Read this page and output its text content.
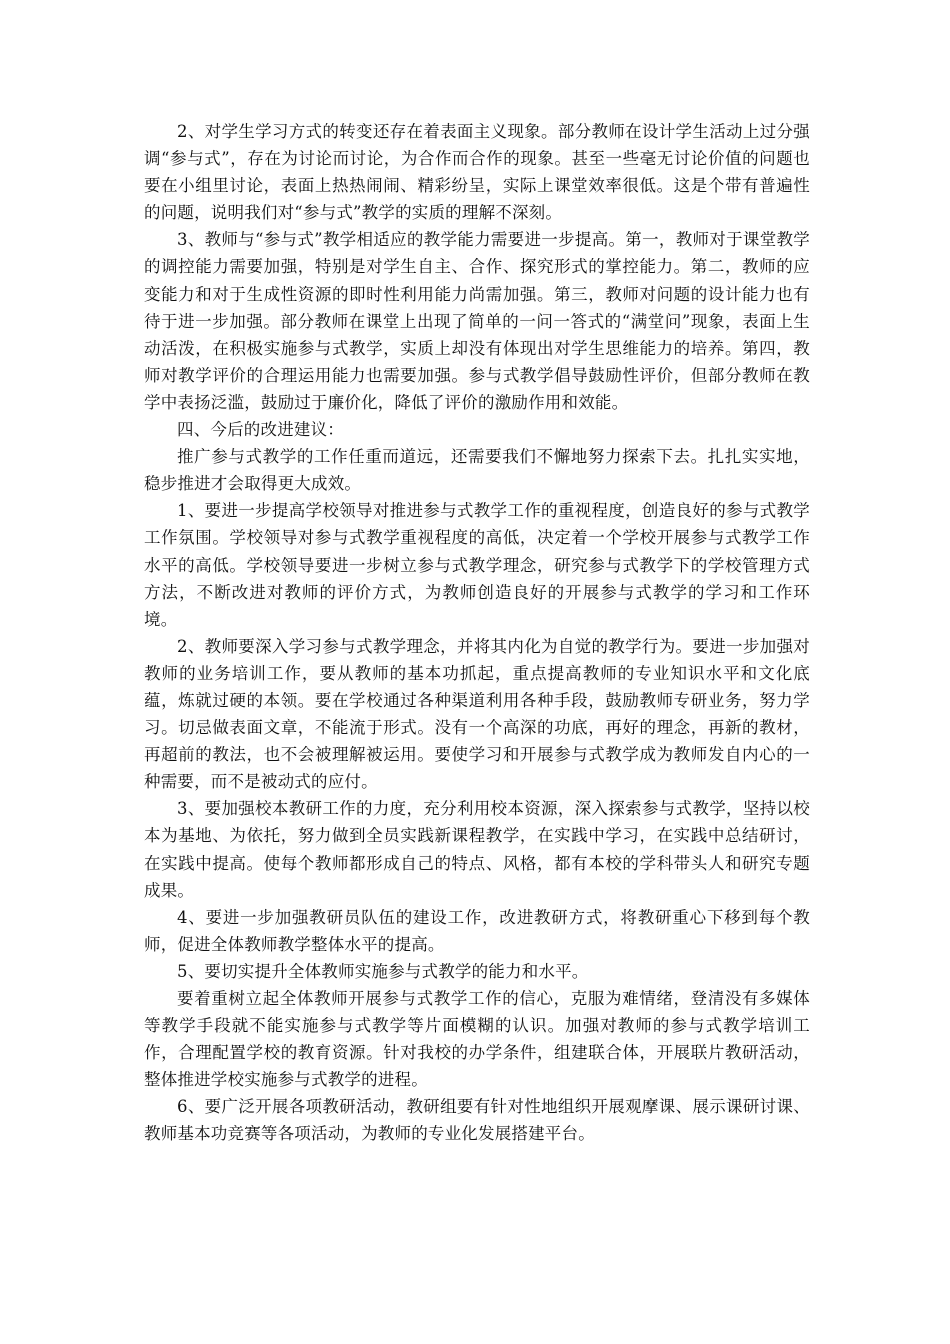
2、对学生学习方式的转变还存在着表面主义现象。部分教师在设计学生活动上过分强调“参与式”，存在为讨论而讨论，为合作而合作的现象。甚至一些毫无讨论价值的问题也要在小组里讨论，表面上热热闹闹、精彩纷呈，实际上课堂效率很低。这是个带有普遍性的问题，说明我们对“参与式”教学的实质的理解不深刻。

3、教师与“参与式”教学相适应的教学能力需要进一步提高。第一，教师对于课堂教学的调控能力需要加强，特别是对学生自主、合作、探究形式的掌控能力。第二，教师的应变能力和对于生成性资源的即时性利用能力尚需加强。第三，教师对问题的设计能力也有待于进一步加强。部分教师在课堂上出现了简单的一问一答式的“满堂问”现象，表面上生动活泼，在积极实施参与式教学，实质上却没有体现出对学生思维能力的培养。第四，教师对教学评价的合理运用能力也需要加强。参与式教学倡导鼓励性评价，但部分教师在教学中表扬泛滥，鼓励过于廉价化，降低了评价的激励作用和效能。

四、今后的改进建议：

推广参与式教学的工作任重而道远，还需要我们不懈地努力探索下去。扎扎实实地，稳步推进才会取得更大成效。

1、要进一步提高学校领导对推进参与式教学工作的重视程度，创造良好的参与式教学工作氛围。学校领导对参与式教学重视程度的高低，决定着一个学校开展参与式教学工作水平的高低。学校领导要进一步树立参与式教学理念，研究参与式教学下的学校管理方式方法，不断改进对教师的评价方式，为教师创造良好的开展参与式教学的学习和工作环境。

2、教师要深入学习参与式教学理念，并将其内化为自觉的教学行为。要进一步加强对教师的业务培训工作，要从教师的基本功抓起，重点提高教师的专业知识水平和文化底蕴，炼就过硬的本领。要在学校通过各种渠道利用各种手段，鼓励教师专研业务，努力学习。切忌做表面文章，不能流于形式。没有一个高深的功底，再好的理念，再新的教材，再超前的教法，也不会被理解被运用。要使学习和开展参与式教学成为教师发自内心的一种需要，而不是被动式的应付。

3、要加强校本教研工作的力度，充分利用校本资源，深入探索参与式教学，坚持以校本为基地、为依托，努力做到全员实践新课程教学，在实践中学习，在实践中总结研讨，在实践中提高。使每个教师都形成自己的特点、风格，都有本校的学科带头人和研究专题成果。

4、要进一步加强教研员队伍的建设工作，改进教研方式，将教研重心下移到每个教师，促进全体教师教学整体水平的提高。

5、要切实提升全体教师实施参与式教学的能力和水平。

要着重树立起全体教师开展参与式教学工作的信心，克服为难情绪，登清没有多媒体等教学手段就不能实施参与式教学等片面模糊的认识。加强对教师的参与式教学培训工作，合理配置学校的教育资源。针对我校的办学条件，组建联合体，开展联片教研活动，整体推进学校实施参与式教学的进程。

6、要广泛开展各项教研活动，教研组要有针对性地组织开展观摩课、展示课研讨课、教师基本功竞赛等各项活动，为教师的专业化发展搭建平台。
